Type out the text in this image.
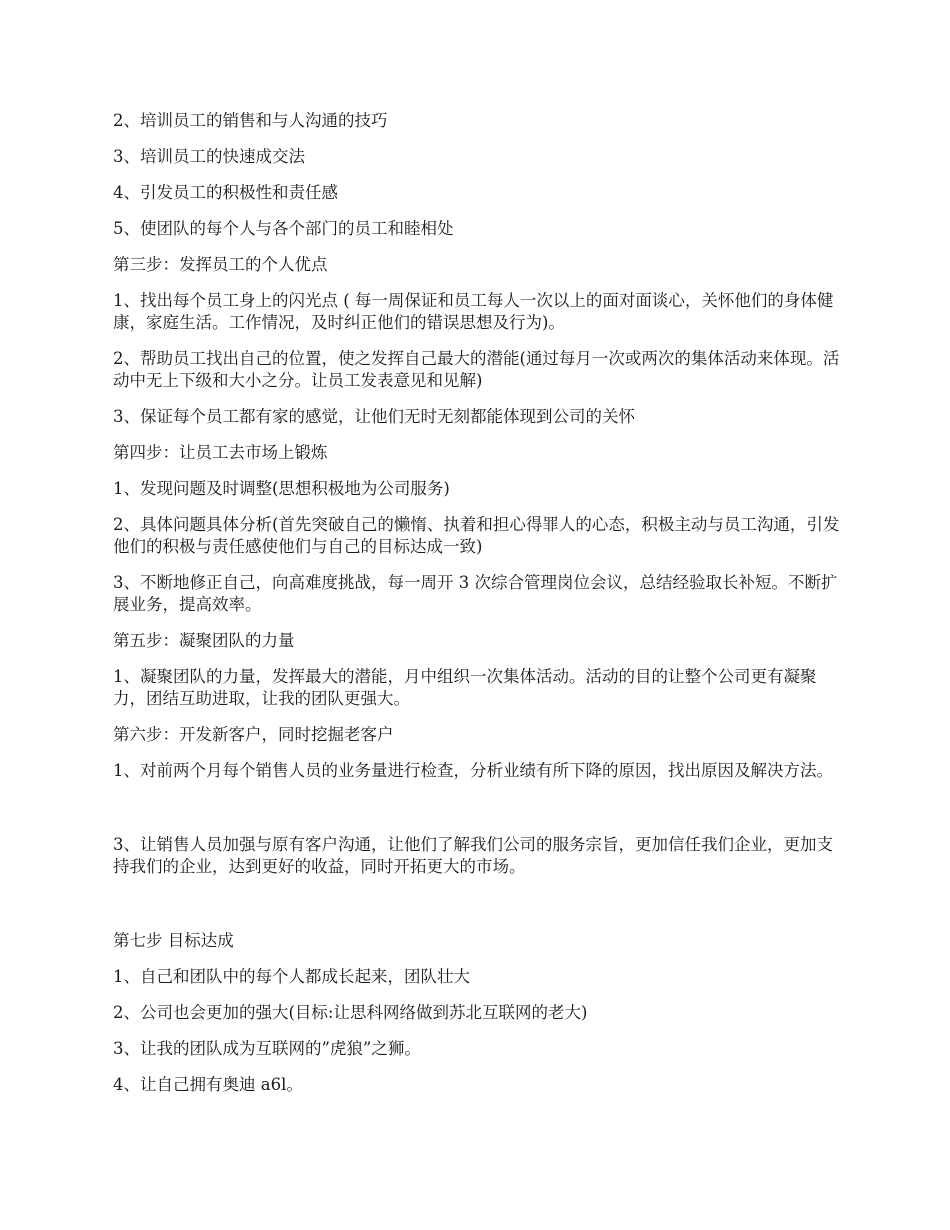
2、培训员工的销售和与人沟通的技巧

3、培训员工的快速成交法

4、引发员工的积极性和责任感

5、使团队的每个人与各个部门的员工和睦相处

第三步：发挥员工的个人优点

1、找出每个员工身上的闪光点 ( 每一周保证和员工每人一次以上的面对面谈心，关怀他们的身体健康，家庭生活。工作情况，及时纠正他们的错误思想及行为)。

2、帮助员工找出自己的位置，使之发挥自己最大的潜能(通过每月一次或两次的集体活动来体现。活动中无上下级和大小之分。让员工发表意见和见解)

3、保证每个员工都有家的感觉，让他们无时无刻都能体现到公司的关怀

第四步：让员工去市场上锻炼

1、发现问题及时调整(思想积极地为公司服务)

2、具体问题具体分析(首先突破自己的懒惰、执着和担心得罪人的心态，积极主动与员工沟通，引发他们的积极与责任感使他们与自己的目标达成一致)

3、不断地修正自己，向高难度挑战，每一周开 3 次综合管理岗位会议，总结经验取长补短。不断扩展业务，提高效率。

第五步：凝聚团队的力量

1、凝聚团队的力量，发挥最大的潜能，月中组织一次集体活动。活动的目的让整个公司更有凝聚力，团结互助进取，让我的团队更强大。

第六步：开发新客户，同时挖掘老客户

1、对前两个月每个销售人员的业务量进行检查，分析业绩有所下降的原因，找出原因及解决方法。

3、让销售人员加强与原有客户沟通，让他们了解我们公司的服务宗旨，更加信任我们企业，更加支持我们的企业，达到更好的收益，同时开拓更大的市场。

第七步 目标达成

1、自己和团队中的每个人都成长起来，团队壮大

2、公司也会更加的强大(目标:让思科网络做到苏北互联网的老大)

3、让我的团队成为互联网的”虎狼”之狮。

4、让自己拥有奥迪 a6l。
